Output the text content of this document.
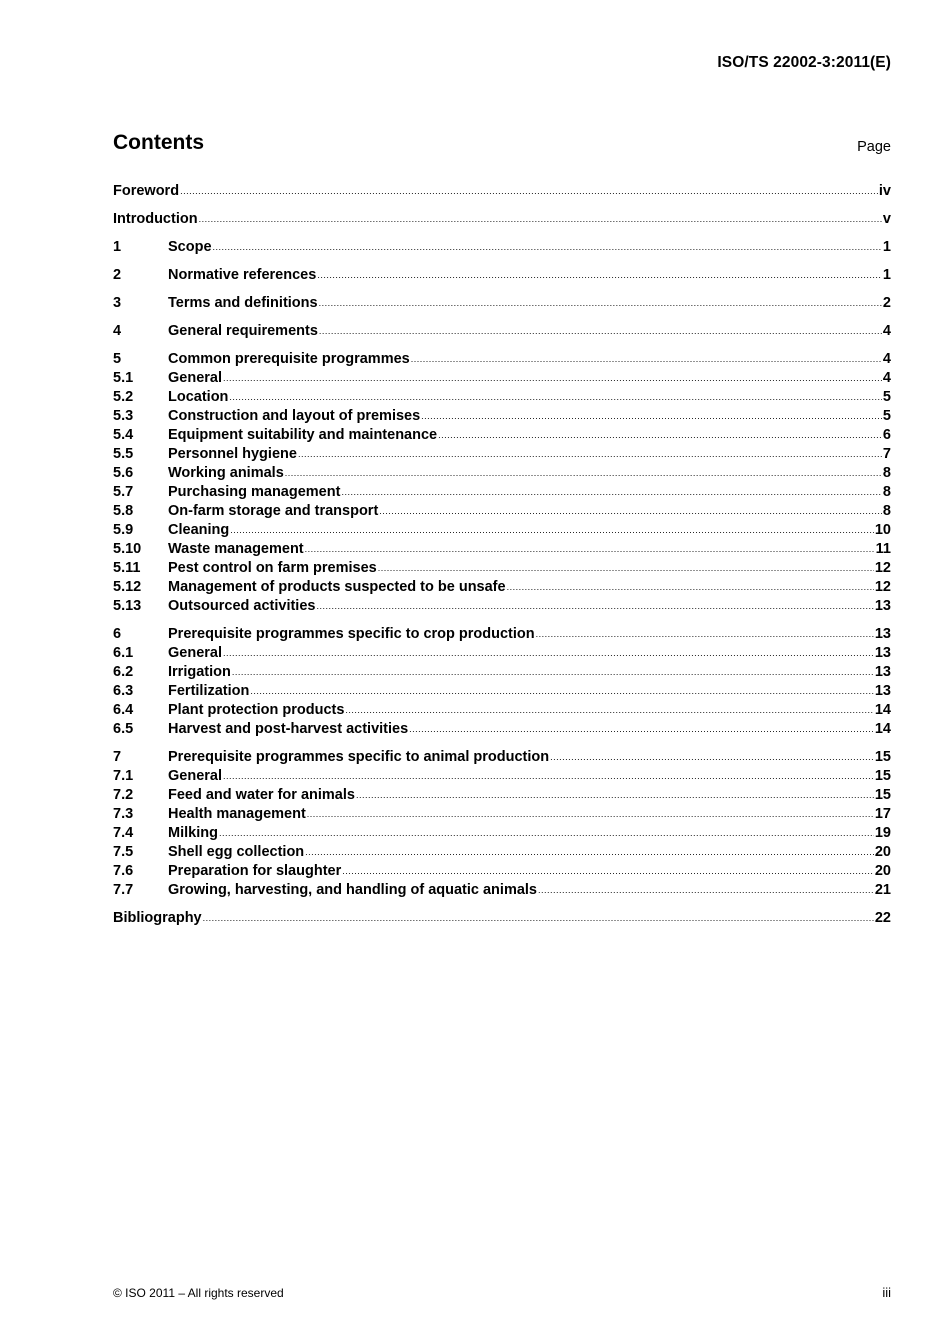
ISO/TS 22002-3:2011(E)
Contents	Page
Foreword .....	iv
Introduction .....	v
1	Scope .....	1
2	Normative references .....	1
3	Terms and definitions .....	2
4	General requirements .....	4
5	Common prerequisite programmes .....	4
5.1	General .....	4
5.2	Location .....	5
5.3	Construction and layout of premises .....	5
5.4	Equipment suitability and maintenance .....	6
5.5	Personnel hygiene .....	7
5.6	Working animals .....	8
5.7	Purchasing management .....	8
5.8	On-farm storage and transport .....	8
5.9	Cleaning .....	10
5.10	Waste management .....	11
5.11	Pest control on farm premises .....	12
5.12	Management of products suspected to be unsafe .....	12
5.13	Outsourced activities .....	13
6	Prerequisite programmes specific to crop production .....	13
6.1	General .....	13
6.2	Irrigation .....	13
6.3	Fertilization .....	13
6.4	Plant protection products .....	14
6.5	Harvest and post-harvest activities .....	14
7	Prerequisite programmes specific to animal production .....	15
7.1	General .....	15
7.2	Feed and water for animals .....	15
7.3	Health management .....	17
7.4	Milking .....	19
7.5	Shell egg collection .....	20
7.6	Preparation for slaughter .....	20
7.7	Growing, harvesting, and handling of aquatic animals .....	21
Bibliography .....	22
© ISO 2011 – All rights reserved	iii
